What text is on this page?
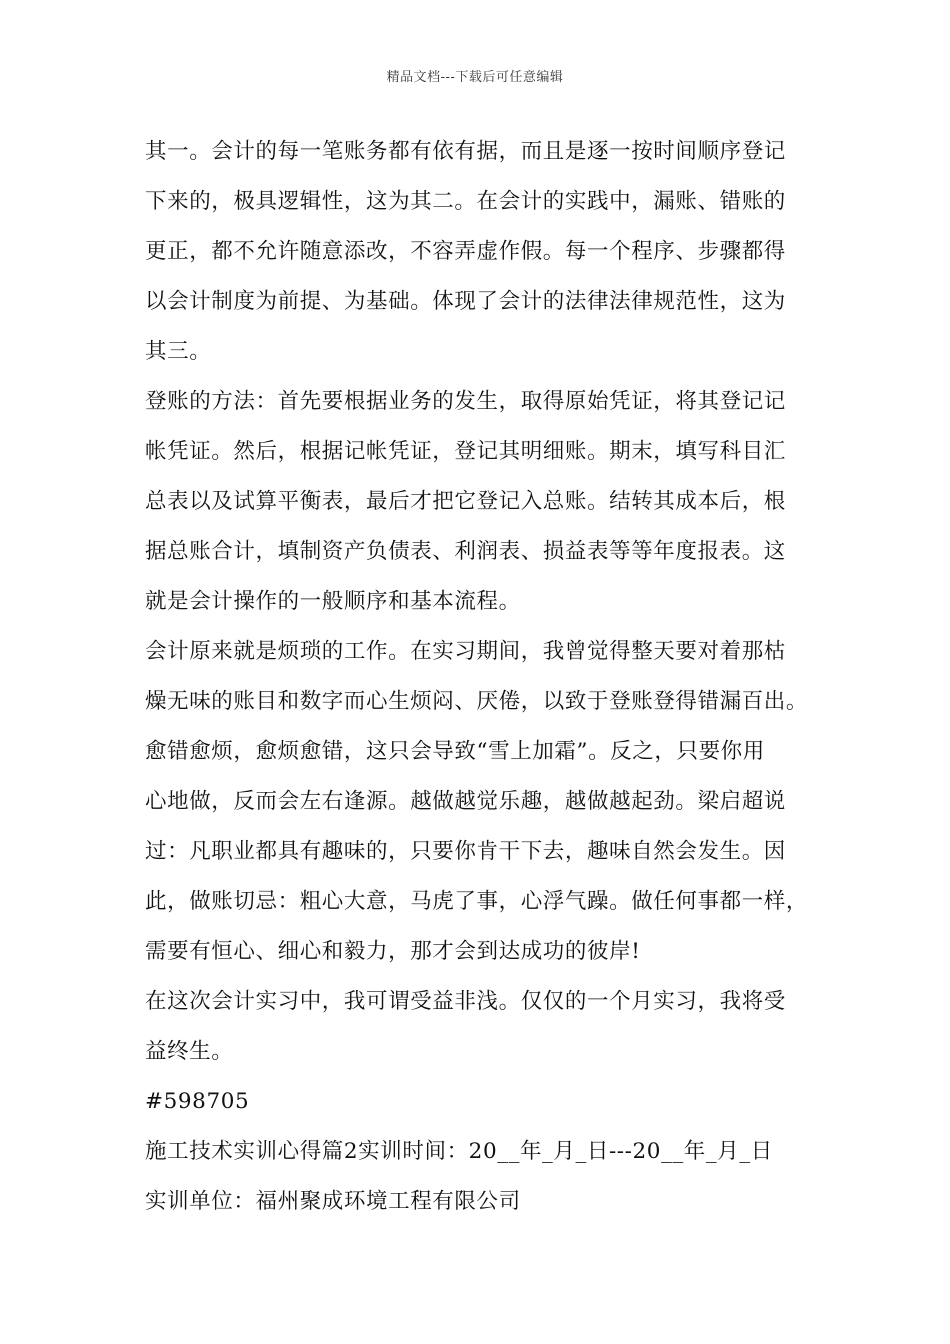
精品文档---下载后可任意编辑
其一。会计的每一笔账务都有依有据，而且是逐一按时间顺序登记
下来的，极具逻辑性，这为其二。在会计的实践中，漏账、错账的
更正，都不允许随意添改，不容弄虚作假。每一个程序、步骤都得
以会计制度为前提、为基础。体现了会计的法律法律规范性，这为
其三。
登账的方法：首先要根据业务的发生，取得原始凭证，将其登记记
帐凭证。然后，根据记帐凭证，登记其明细账。期末，填写科目汇
总表以及试算平衡表，最后才把它登记入总账。结转其成本后，根
据总账合计，填制资产负债表、利润表、损益表等等年度报表。这
就是会计操作的一般顺序和基本流程。
会计原来就是烦琐的工作。在实习期间，我曾觉得整天要对着那枯
燥无味的账目和数字而心生烦闷、厌倦，以致于登账登得错漏百出。
愈错愈烦，愈烦愈错，这只会导致“雪上加霜”。反之，只要你用
心地做，反而会左右逢源。越做越觉乐趣，越做越起劲。梁启超说
过：凡职业都具有趣味的，只要你肯干下去，趣味自然会发生。因
此，做账切忌：粗心大意，马虎了事，心浮气躁。做任何事都一样，
需要有恒心、细心和毅力，那才会到达成功的彼岸!
在这次会计实习中，我可谓受益非浅。仅仅的一个月实习，我将受
益终生。
#598705
施工技术实训心得篇2实训时间：20__年_月_日---20__年_月_日
实训单位：福州聚成环境工程有限公司
